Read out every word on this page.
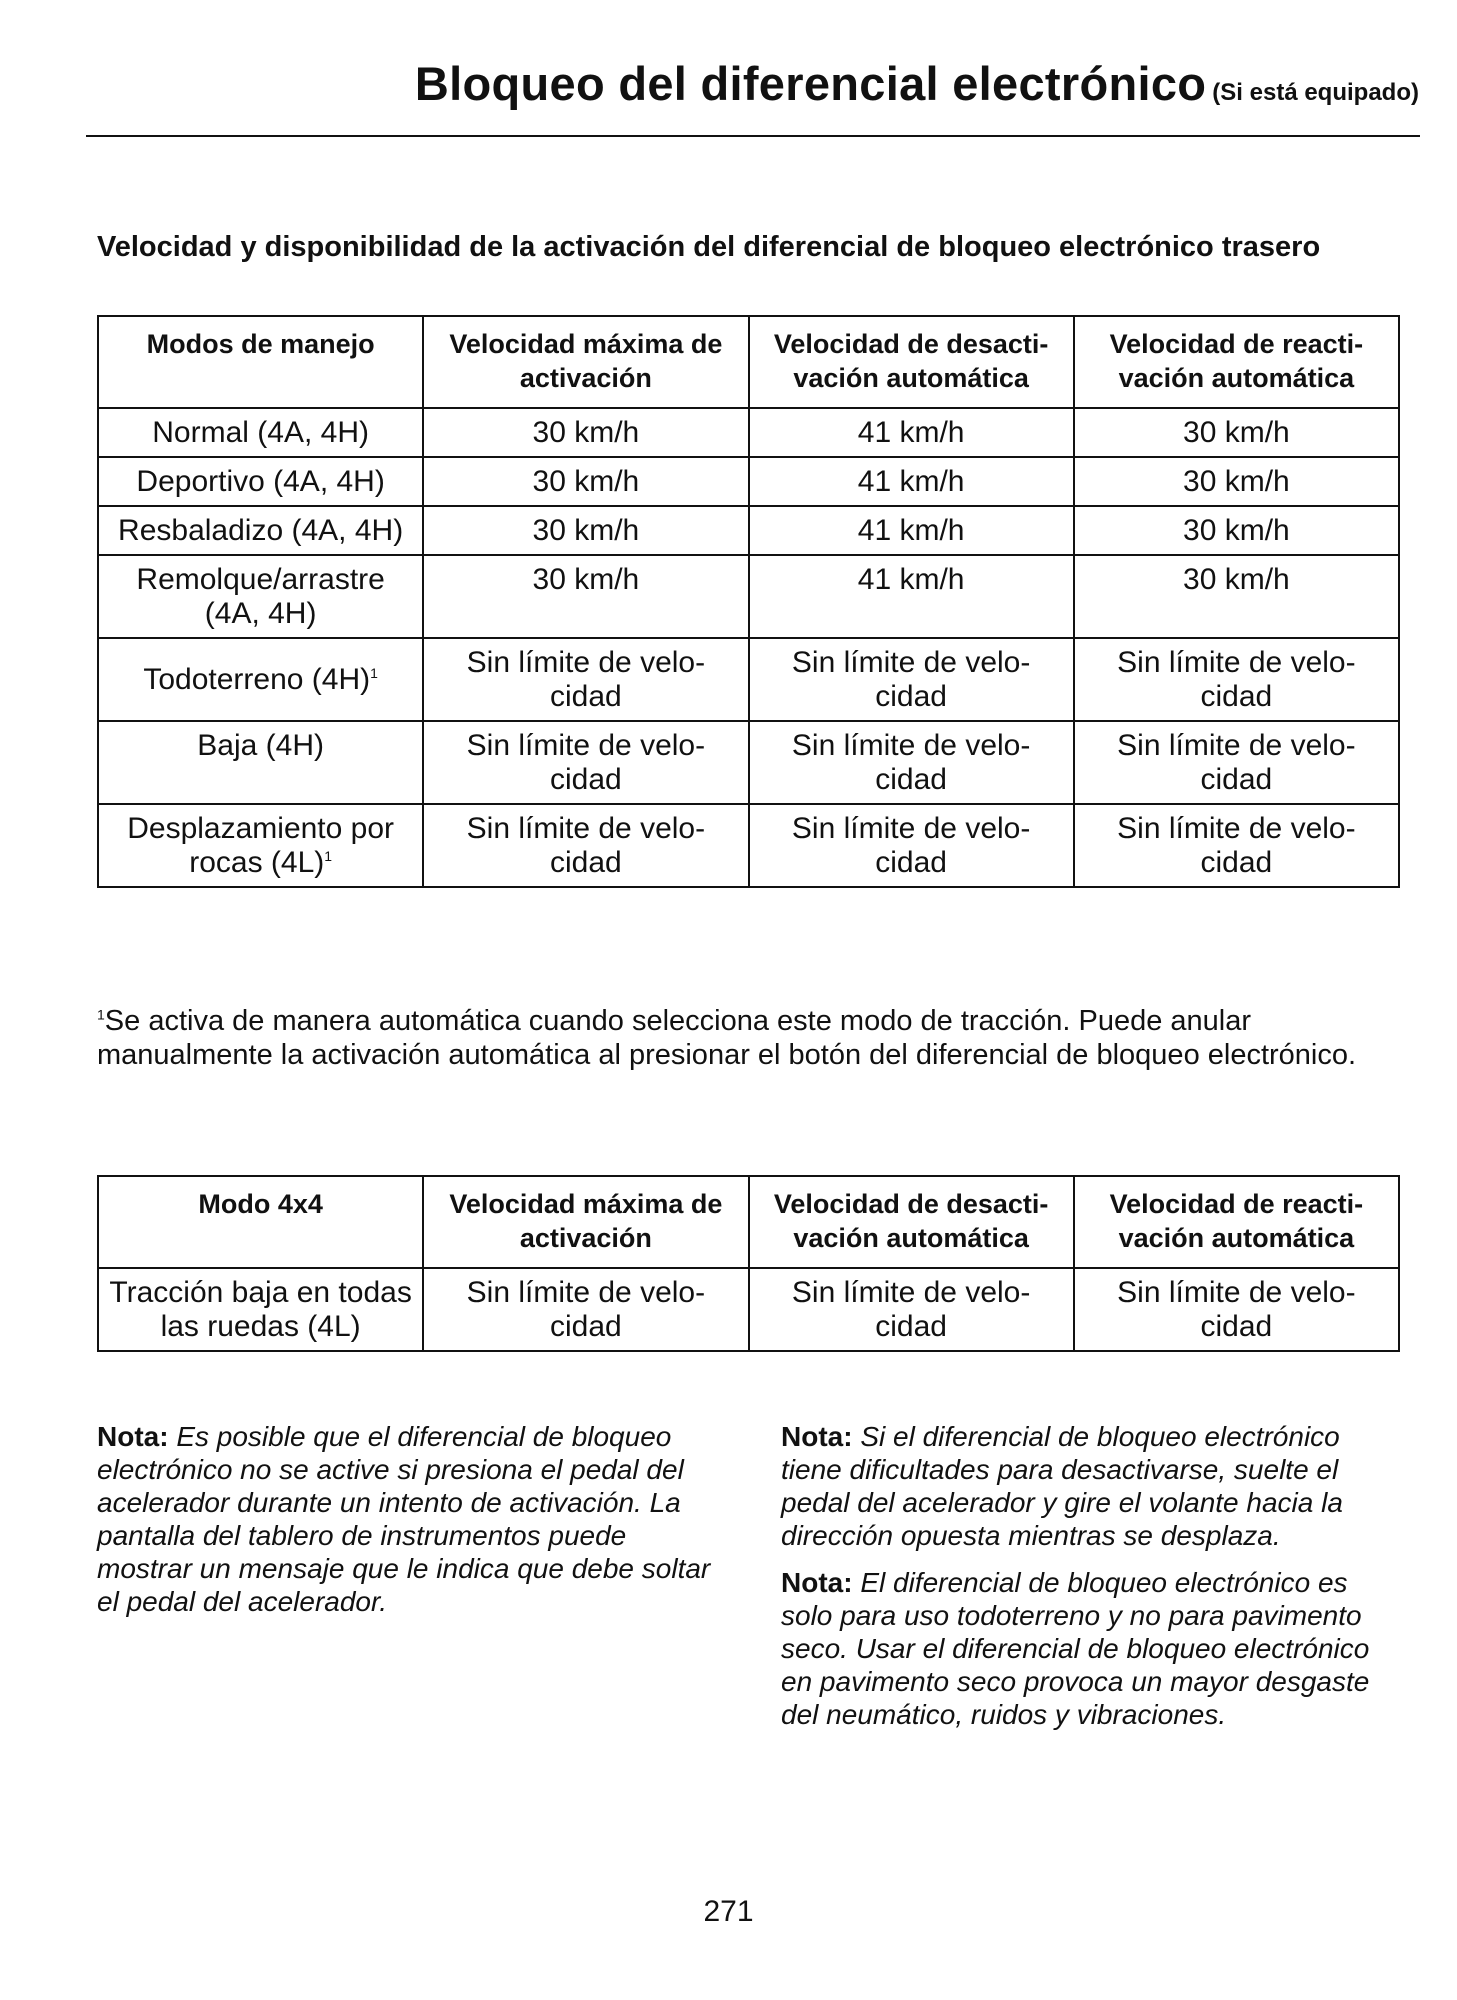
Bloqueo del diferencial electrónico (Si está equipado)
Velocidad y disponibilidad de la activación del diferencial de bloqueo electrónico trasero
Modos de manejo	Velocidad máxima de activación	Velocidad de desacti-vación automática	Velocidad de reacti-vación automática
Normal (4A, 4H)	30 km/h	41 km/h	30 km/h
Deportivo (4A, 4H)	30 km/h	41 km/h	30 km/h
Resbaladizo (4A, 4H)	30 km/h	41 km/h	30 km/h
Remolque/arrastre (4A, 4H)	30 km/h	41 km/h	30 km/h
Todoterreno $(4H)^1$	Sin límite de velo-cidad	Sin límite de velo-cidad	Sin límite de velo-cidad
Baja (4H)	Sin límite de velo-cidad	Sin límite de velo-cidad	Sin límite de velo-cidad
Desplazamiento por rocas $(4L)^1$	Sin límite de velo-cidad	Sin límite de velo-cidad	Sin límite de velo-cidad
$^1$Se activa de manera automática cuando selecciona este modo de tracción. Puede anular manualmente la activación automática al presionar el botón del diferencial de bloqueo electrónico.
Modo 4x4	Velocidad máxima de activación	Velocidad de desacti-vación automática	Velocidad de reacti-vación automática
Tracción baja en todas las ruedas (4L)	Sin límite de velo-cidad	Sin límite de velo-cidad	Sin límite de velo-cidad

Nota: Es posible que el diferencial de bloqueo electrónico no se active si presiona el pedal del acelerador durante un intento de activación. La pantalla del tablero de instrumentos puede mostrar un mensaje que le indica que debe soltar el pedal del acelerador.

Nota: Si el diferencial de bloqueo electrónico tiene dificultades para desactivarse, suelte el pedal del acelerador y gire el volante hacia la dirección opuesta mientras se desplaza.

Nota: El diferencial de bloqueo electrónico es solo para uso todoterreno y no para pavimento seco. Usar el diferencial de bloqueo electrónico en pavimento seco provoca un mayor desgaste del neumático, ruidos y vibraciones.

271
